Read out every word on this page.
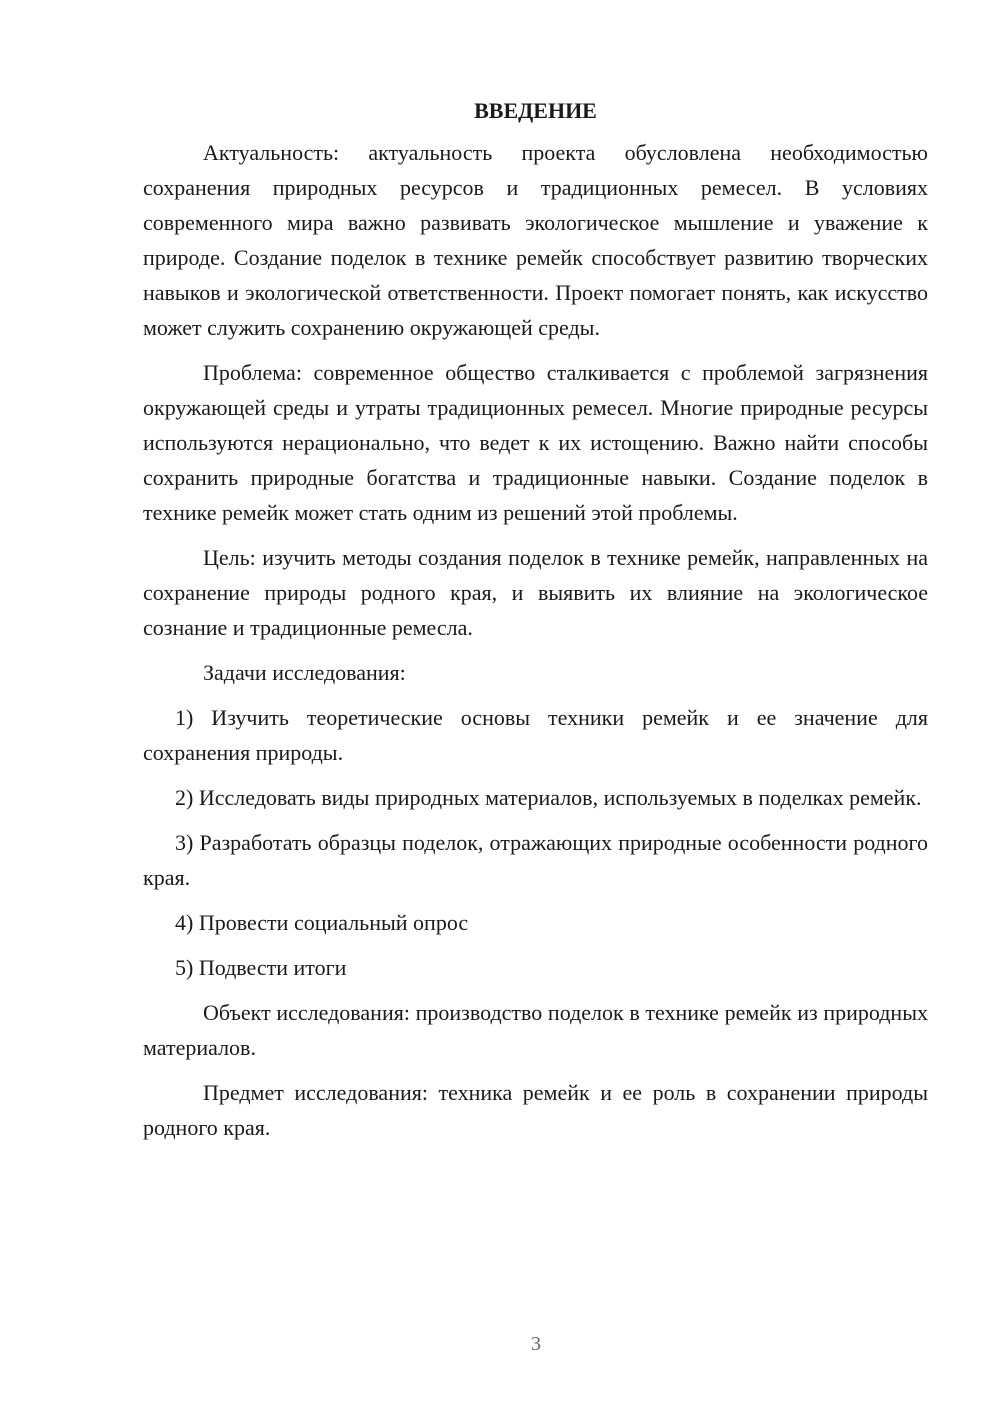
ВВЕДЕНИЕ

Актуальность: актуальность проекта обусловлена необходимостью сохранения природных ресурсов и традиционных ремесел. В условиях современного мира важно развивать экологическое мышление и уважение к природе. Создание поделок в технике ремейк способствует развитию творческих навыков и экологической ответственности. Проект помогает понять, как искусство может служить сохранению окружающей среды.

Проблема: современное общество сталкивается с проблемой загрязнения окружающей среды и утраты традиционных ремесел. Многие природные ресурсы используются нерационально, что ведет к их истощению. Важно найти способы сохранить природные богатства и традиционные навыки. Создание поделок в технике ремейк может стать одним из решений этой проблемы.

Цель: изучить методы создания поделок в технике ремейк, направленных на сохранение природы родного края, и выявить их влияние на экологическое сознание и традиционные ремесла.

Задачи исследования:

1) Изучить теоретические основы техники ремейк и ее значение для сохранения природы.

2) Исследовать виды природных материалов, используемых в поделках ремейк.

3) Разработать образцы поделок, отражающих природные особенности родного края.

4) Провести социальный опрос

5) Подвести итоги

Объект исследования: производство поделок в технике ремейк из природных материалов.

Предмет исследования: техника ремейк и ее роль в сохранении природы родного края.

3
